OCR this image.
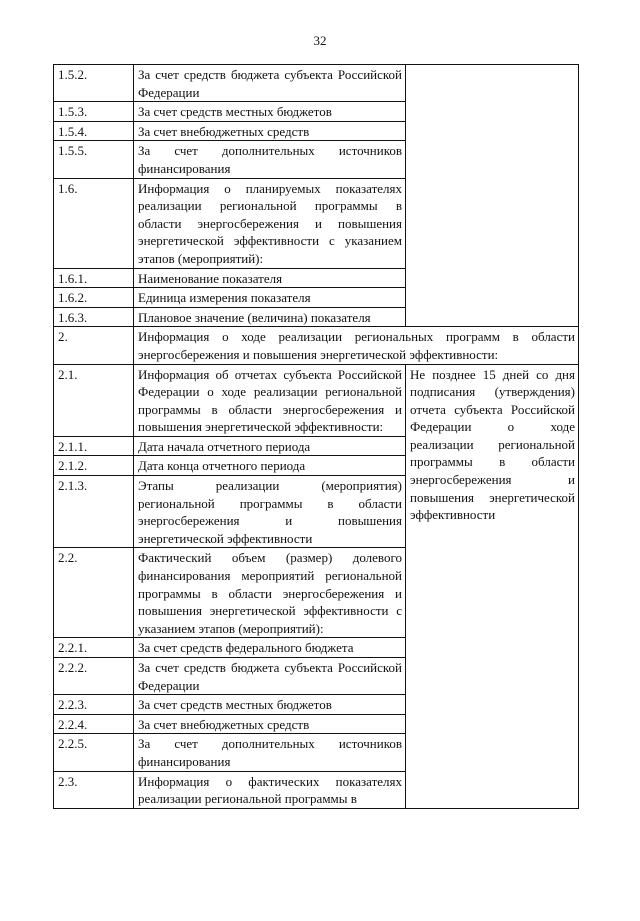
32
1.5.2.	За счет средств бюджета субъекта Российской Федерации	
1.5.3.	За счет средств местных бюджетов	
1.5.4.	За счет внебюджетных средств	
1.5.5.	За счет дополнительных источников финансирования	
1.6.	Информация о планируемых показателях реализации региональной программы в области энергосбережения и повышения энергетической эффективности с указанием этапов (мероприятий):	
1.6.1.	Наименование показателя	
1.6.2.	Единица измерения показателя	
1.6.3.	Плановое значение (величина) показателя	
2.	Информация о ходе реализации региональных программ в области энергосбережения и повышения энергетической эффективности:	
2.1.	Информация об отчетах субъекта Российской Федерации о ходе реализации региональной программы в области энергосбережения и повышения энергетической эффективности:	Не позднее 15 дней со дня подписания (утверждения) отчета субъекта Российской Федерации о ходе реализации региональной программы в области энергосбережения и повышения энергетической эффективности
2.1.1.	Дата начала отчетного периода	
2.1.2.	Дата конца отчетного периода	
2.1.3.	Этапы реализации (мероприятия) региональной программы в области энергосбережения и повышения энергетической эффективности	
2.2.	Фактический объем (размер) долевого финансирования мероприятий региональной программы в области энергосбережения и повышения энергетической эффективности с указанием этапов (мероприятий):	
2.2.1.	За счет средств федерального бюджета	
2.2.2.	За счет средств бюджета субъекта Российской Федерации	
2.2.3.	За счет средств местных бюджетов	
2.2.4.	За счет внебюджетных средств	
2.2.5.	За счет дополнительных источников финансирования	
2.3.	Информация о фактических показателях реализации региональной программы в	
